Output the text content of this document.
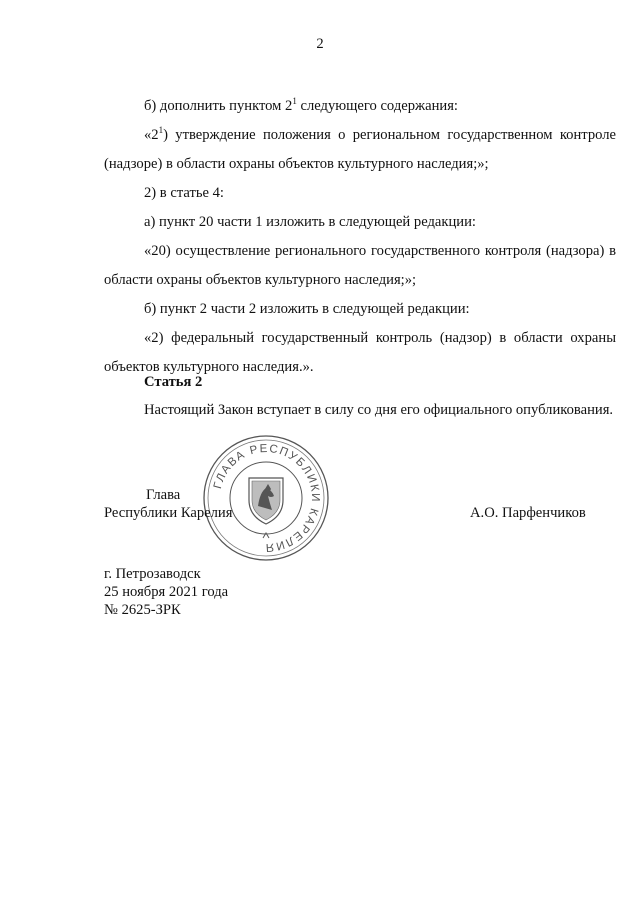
2

б) дополнить пунктом $2^1$ следующего содержания:

«$2^1$) утверждение положения о региональном государственном контроле (надзоре) в области охраны объектов культурного наследия;»;

2) в статье 4:

а) пункт 20 части 1 изложить в следующей редакции:

«20) осуществление регионального государственного контроля (надзора) в области охраны объектов культурного наследия;»;

б) пункт 2 части 2 изложить в следующей редакции:

«2) федеральный государственный контроль (надзор) в области охраны объектов культурного наследия.».

Статья 2

Настоящий Закон вступает в силу со дня его официального опубликования.

ГЛАВА РЕСПУБЛИКИ КАРЕЛИЯ
Глава
Республики Карелия	А.О. Парфенчиков
г. Петрозаводск
25 ноября 2021 года
№ 2625-ЗРК
